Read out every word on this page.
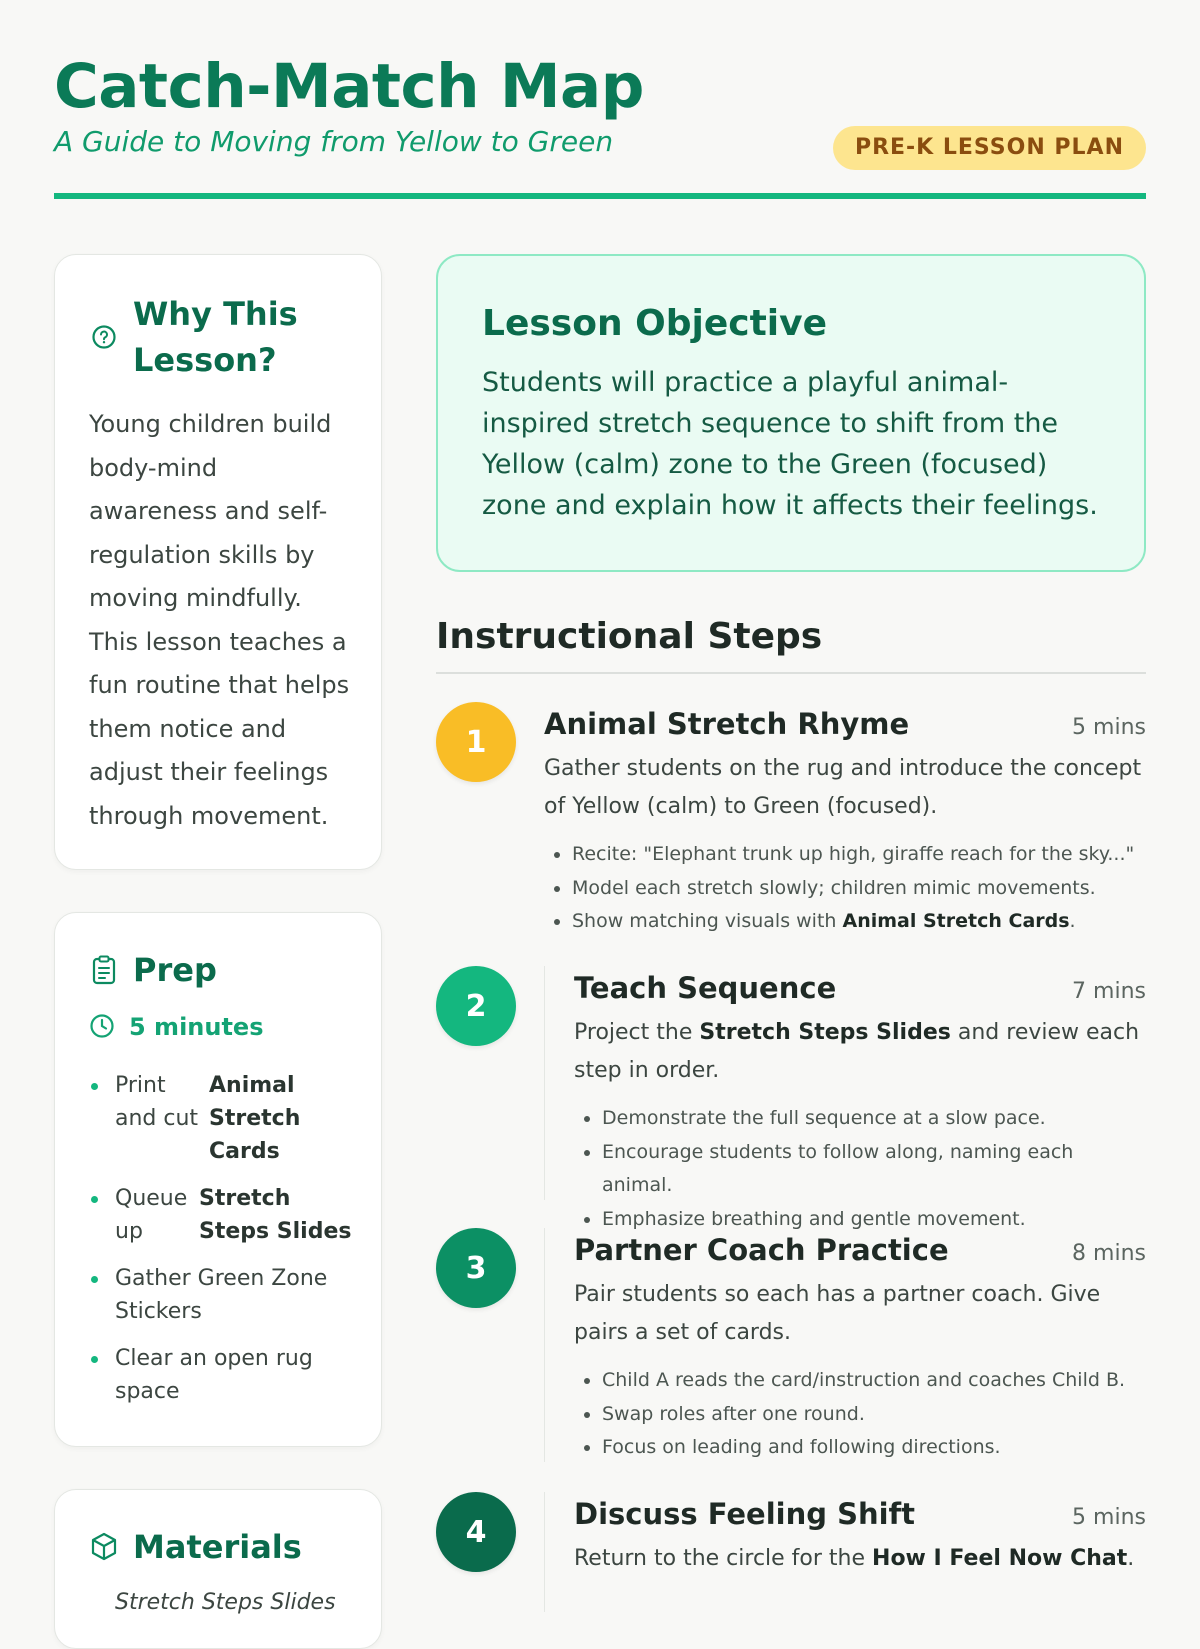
Catch-Match Map

A Guide to Moving from Yellow to Green	PRE-K LESSON PLAN
Why This Lesson?

Young children build body-mind awareness and self-regulation skills by moving mindfully. This lesson teaches a fun routine that helps them notice and adjust their feelings through movement.

Prep
5 minutes
Print and cut
Animal Stretch Cards
Queue up
Stretch Steps Slides
Gather Green Zone Stickers
Clear an open rug space
Materials
Stretch Steps Slides
Lesson Objective

Students will practice a playful animal-inspired stretch sequence to shift from the Yellow (calm) zone to the Green (focused) zone and explain how it affects their feelings.

Instructional Steps
1
Animal Stretch Rhyme	5 mins

Gather students on the rug and introduce the concept of Yellow (calm) to Green (focused).

• Recite: "Elephant trunk up high, giraffe reach for the sky..."
• Model each stretch slowly; children mimic movements.
• Show matching visuals with Animal Stretch Cards.
2
Teach Sequence	7 mins

Project the Stretch Steps Slides and review each step in order.

• Demonstrate the full sequence at a slow pace.
• Encourage students to follow along, naming each animal.
• Emphasize breathing and gentle movement.
3
Partner Coach Practice	8 mins

Pair students so each has a partner coach. Give pairs a set of cards.

• Child A reads the card/instruction and coaches Child B.
• Swap roles after one round.
• Focus on leading and following directions.
4
Discuss Feeling Shift	5 mins

Return to the circle for the How I Feel Now Chat.
